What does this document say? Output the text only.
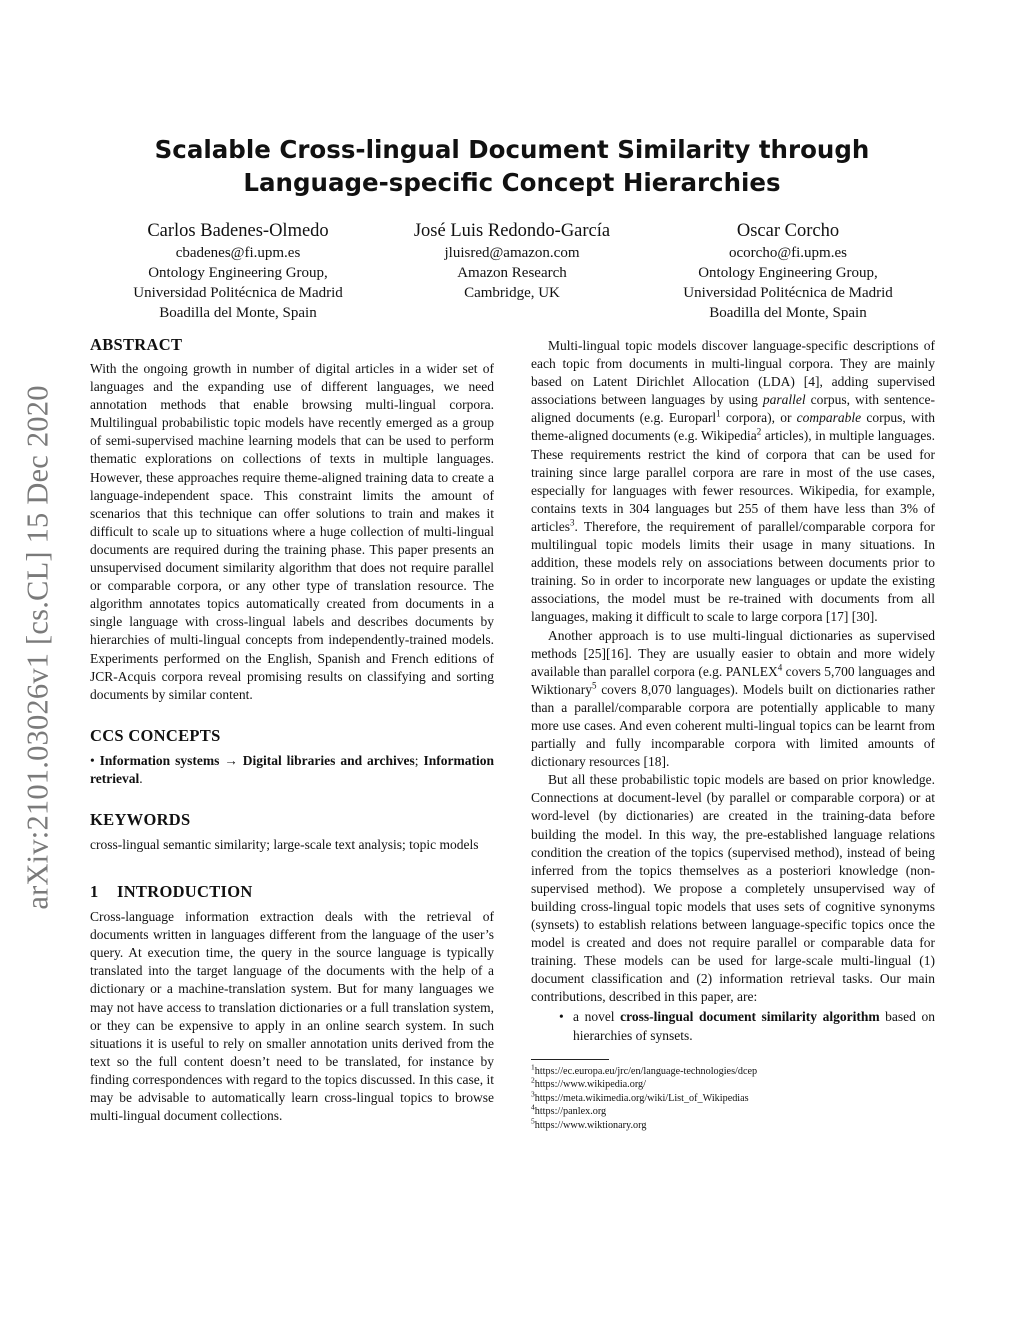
arXiv:2101.03026v1 [cs.CL] 15 Dec 2020
Scalable Cross-lingual Document Similarity through
Language-specific Concept Hierarchies
Carlos Badenes-Olmedo
cbadenes@fi.upm.es
Ontology Engineering Group,
Universidad Politécnica de Madrid
Boadilla del Monte, Spain
José Luis Redondo-García
jluisred@amazon.com
Amazon Research
Cambridge, UK
Oscar Corcho
ocorcho@fi.upm.es
Ontology Engineering Group,
Universidad Politécnica de Madrid
Boadilla del Monte, Spain
ABSTRACT

With the ongoing growth in number of digital articles in a wider set of languages and the expanding use of different languages, we need annotation methods that enable browsing multi-lingual corpora. Multilingual probabilistic topic models have recently emerged as a group of semi-supervised machine learning models that can be used to perform thematic explorations on collections of texts in multiple languages. However, these approaches require theme-aligned training data to create a language-independent space. This constraint limits the amount of scenarios that this technique can offer solutions to train and makes it difficult to scale up to situations where a huge collection of multi-lingual documents are required during the training phase. This paper presents an unsupervised document similarity algorithm that does not require parallel or comparable corpora, or any other type of translation resource. The algorithm annotates topics automatically created from documents in a single language with cross-lingual labels and describes documents by hierarchies of multi-lingual concepts from independently-trained models. Experiments performed on the English, Spanish and French editions of JCR-Acquis corpora reveal promising results on classifying and sorting documents by similar content.

CCS CONCEPTS

• Information systems → Digital libraries and archives; Information retrieval.

KEYWORDS

cross-lingual semantic similarity; large-scale text analysis; topic models

1 INTRODUCTION

Cross-language information extraction deals with the retrieval of documents written in languages different from the language of the user’s query. At execution time, the query in the source language is typically translated into the target language of the documents with the help of a dictionary or a machine-translation system. But for many languages we may not have access to translation dictionaries or a full translation system, or they can be expensive to apply in an online search system. In such situations it is useful to rely on smaller annotation units derived from the text so the full content doesn’t need to be translated, for instance by finding correspondences with regard to the topics discussed. In this case, it may be advisable to automatically learn cross-lingual topics to browse multi-lingual document collections.

Multi-lingual topic models discover language-specific descriptions of each topic from documents in multi-lingual corpora. They are mainly based on Latent Dirichlet Allocation (LDA) [4], adding supervised associations between languages by using parallel corpus, with sentence-aligned documents (e.g. Europarl$^1$ corpora), or comparable corpus, with theme-aligned documents (e.g. Wikipedia$^2$ articles), in multiple languages. These requirements restrict the kind of corpora that can be used for training since large parallel corpora are rare in most of the use cases, especially for languages with fewer resources. Wikipedia, for example, contains texts in 304 languages but 255 of them have less than 3% of articles$^3$. Therefore, the requirement of parallel/comparable corpora for multilingual topic models limits their usage in many situations. In addition, these models rely on associations between documents prior to training. So in order to incorporate new languages or update the existing associations, the model must be re-trained with documents from all languages, making it difficult to scale to large corpora [17] [30].

Another approach is to use multi-lingual dictionaries as supervised methods [25][16]. They are usually easier to obtain and more widely available than parallel corpora (e.g. PANLEX$^4$ covers 5,700 languages and Wiktionary$^5$ covers 8,070 languages). Models built on dictionaries rather than a parallel/comparable corpora are potentially applicable to many more use cases. And even coherent multi-lingual topics can be learnt from partially and fully incomparable corpora with limited amounts of dictionary resources [18].

But all these probabilistic topic models are based on prior knowledge. Connections at document-level (by parallel or comparable corpora) or at word-level (by dictionaries) are created in the training-data before building the model. In this way, the pre-established language relations condition the creation of the topics (supervised method), instead of being inferred from the topics themselves as a posteriori knowledge (non-supervised method). We propose a completely unsupervised way of building cross-lingual topic models that uses sets of cognitive synonyms (synsets) to establish relations between language-specific topics once the model is created and does not require parallel or comparable data for training. These models can be used for large-scale multi-lingual (1) document classification and (2) information retrieval tasks. Our main contributions, described in this paper, are:

• a novel cross-lingual document similarity algorithm based on hierarchies of synsets.
$^1$https://ec.europa.eu/jrc/en/language-technologies/dcep
$^2$https://www.wikipedia.org/
$^3$https://meta.wikimedia.org/wiki/List_of_Wikipedias
$^4$https://panlex.org
$^5$https://www.wiktionary.org
